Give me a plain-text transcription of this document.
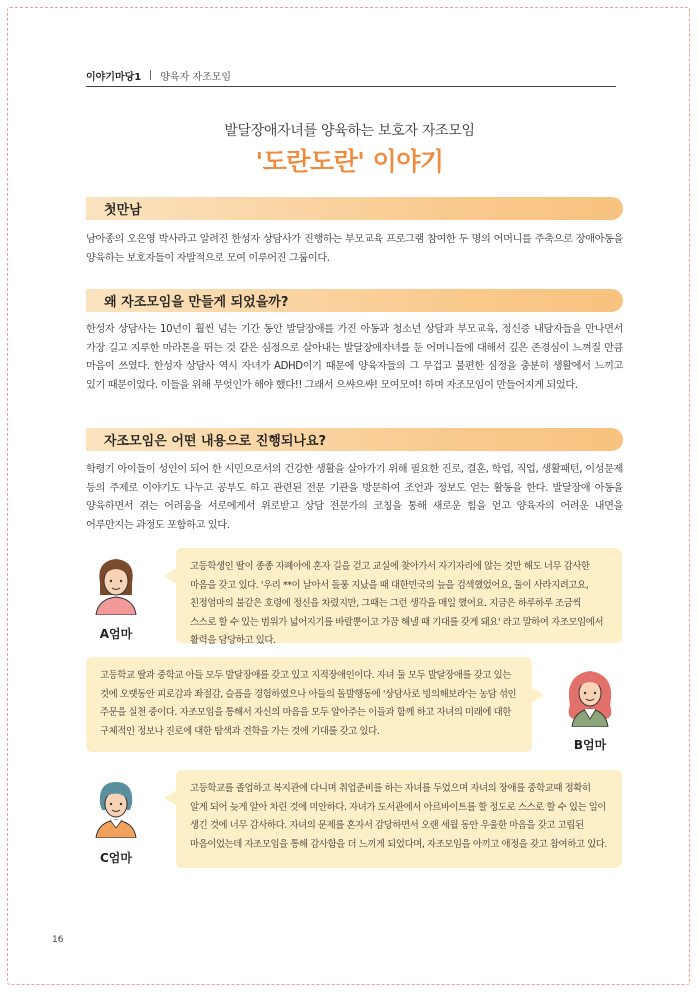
이야기마당1 양육자 자조모임
발달장애자녀를 양육하는 보호자 자조모임
'도란도란' 이야기
첫만남

남아종의 오은영 박사라고 알려진 한성자 상담사가 진행하는 부모교육 프로그램 참여한 두 명의 어머니를 주축으로 장애아동을 양육하는 보호자들이 자발적으로 모여 이루어진 그룹이다.

왜 자조모임을 만들게 되었을까?

한성자 상담사는 10년이 훨씬 넘는 기간 동안 발달장애를 가진 아동과 청소년 상담과 부모교육, 정신증 내담자들을 만나면서 가장 길고 지루한 마라톤을 뛰는 것 같은 심정으로 살아내는 발달장애자녀를 둔 어머니들에 대해서 깊은 존경심이 느껴질 만큼 마음이 쓰였다. 한성자 상담사 역시 자녀가 ADHD이기 때문에 양육자들의 그 무겁고 불편한 심정을 충분히 생활에서 느끼고 있기 때문이었다. 이들을 위해 무엇인가 해야 했다!! 그래서 으쌰으쌰! 모여모여! 하며 자조모임이 만들어지게 되었다.

자조모임은 어떤 내용으로 진행되나요?

학령기 아이들이 성인이 되어 한 시민으로서의 건강한 생활을 살아가기 위해 필요한 진로, 결혼, 학업, 직업, 생활패턴, 이성문제 등의 주제로 이야기도 나누고 공부도 하고 관련된 전문 기관을 방문하여 조언과 정보도 얻는 활동을 한다. 발달장애 아동을 양육하면서 겪는 어려움을 서로에게서 위로받고 상담 전문가의 코칭을 통해 새로운 힘을 얻고 양육자의 어려운 내면을 어루만지는 과정도 포함하고 있다.

A엄마
고등학생인 딸이 종종 자폐아에 혼자 길을 걷고 교실에 찾아가서 자기자리에 앉는 것만 해도 너무 감사한 마음을 갖고 있다. '우리 **이 날아서 돌풍 지났을 때 대한민국의 늪을 검색했었어요, 둘이 사라지려고요, 친정엄마의 불같은 호령에 정신을 차렸지만, 그때는 그런 생각을 매일 했어요. 지금은 하루하루 조금씩 스스로 할 수 있는 범위가 넓어지기를 바랄뿐이고 가끔 해낼 때 기대를 갖게 돼요' 라고 말하여 자조모임에서 활력을 담당하고 있다.
고등학교 딸과 중학교 아들 모두 발달장애를 갖고 있고 지적장애인이다. 자녀 둘 모두 발달장애를 갖고 있는 것에 오랫동안 피로감과 좌절감, 슬픔을 경험하였으나 아들의 돌발행동에 '상담사로 빙의해보라'는 농담 섞인 주문을 실천 중이다. 자조모임을 통해서 자신의 마음을 모두 알아주는 이들과 함께 하고 자녀의 미래에 대한 구체적인 정보나 진로에 대한 탐색과 견학을 가는 것에 기대를 갖고 있다.
B엄마
C엄마
고등학교를 졸업하고 복지관에 다니며 취업준비를 하는 자녀를 두었으며 자녀의 장애를 중학교때 정확히 알게 되어 늦게 알아 차린 것에 미안하다. 자녀가 도서관에서 아르바이트를 할 정도로 스스로 할 수 있는 일이 생긴 것에 너무 감사하다. 자녀의 문제를 혼자서 감당하면서 오랜 세월 동안 우울한 마음을 갖고 고립된 마음이었는데 자조모임을 통해 감사함을 더 느끼게 되었다며, 자조모임을 아끼고 애정을 갖고 참여하고 있다.
16
